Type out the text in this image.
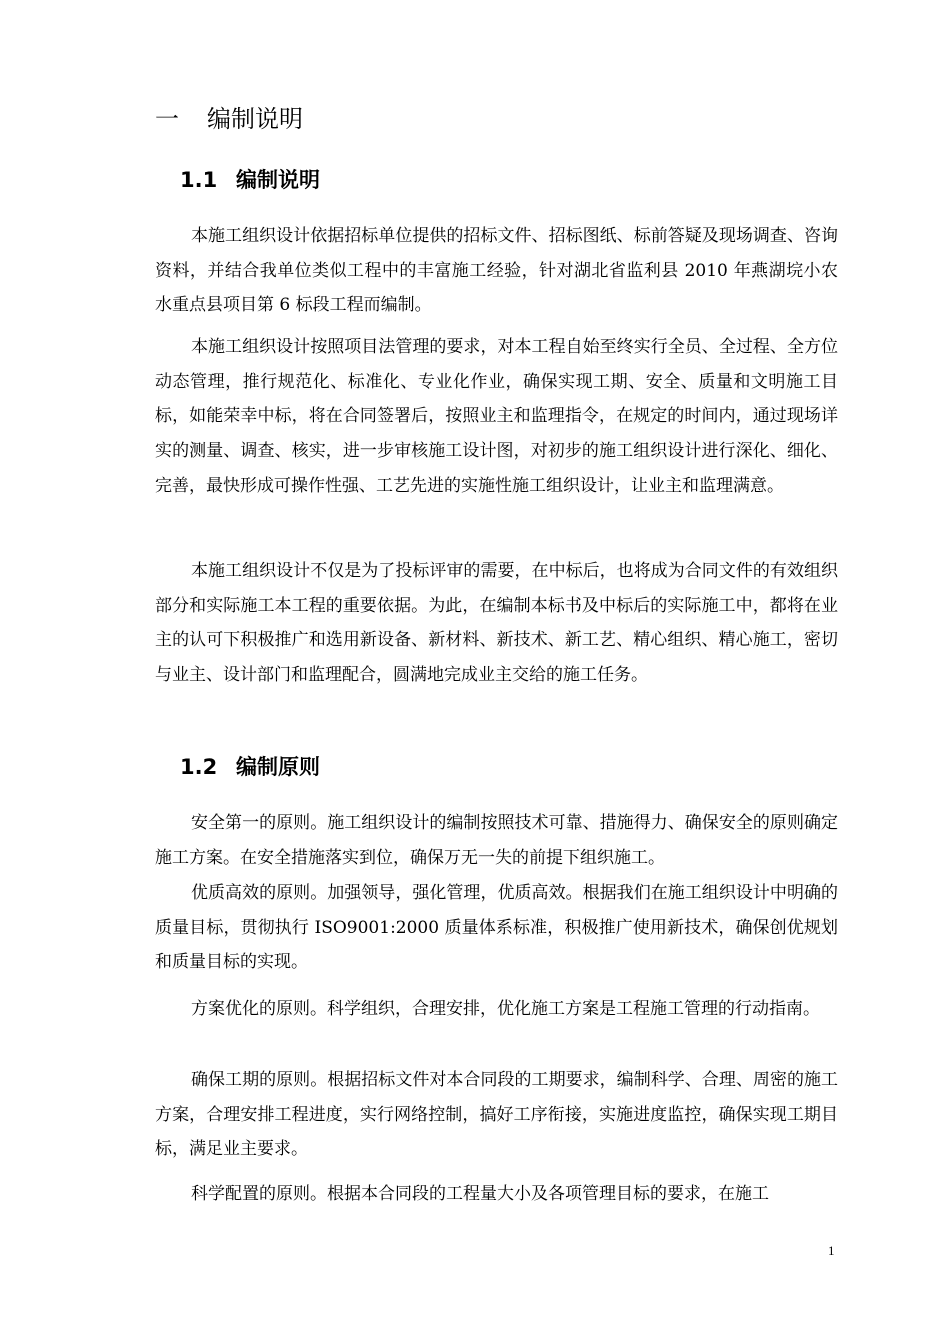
一 编制说明
1.1 编制说明

本施工组织设计依据招标单位提供的招标文件、招标图纸、标前答疑及现场调查、咨询资料，并结合我单位类似工程中的丰富施工经验，针对湖北省监利县 2010 年燕湖垸小农水重点县项目第 6 标段工程而编制。

本施工组织设计按照项目法管理的要求，对本工程自始至终实行全员、全过程、全方位动态管理，推行规范化、标准化、专业化作业，确保实现工期、安全、质量和文明施工目标，如能荣幸中标，将在合同签署后，按照业主和监理指令，在规定的时间内，通过现场详实的测量、调查、核实，进一步审核施工设计图，对初步的施工组织设计进行深化、细化、完善，最快形成可操作性强、工艺先进的实施性施工组织设计，让业主和监理满意。

本施工组织设计不仅是为了投标评审的需要，在中标后，也将成为合同文件的有效组织部分和实际施工本工程的重要依据。为此，在编制本标书及中标后的实际施工中，都将在业主的认可下积极推广和选用新设备、新材料、新技术、新工艺、精心组织、精心施工，密切与业主、设计部门和监理配合，圆满地完成业主交给的施工任务。

1.2 编制原则

安全第一的原则。施工组织设计的编制按照技术可靠、措施得力、确保安全的原则确定施工方案。在安全措施落实到位，确保万无一失的前提下组织施工。

优质高效的原则。加强领导，强化管理，优质高效。根据我们在施工组织设计中明确的质量目标，贯彻执行 ISO9001:2000 质量体系标准，积极推广使用新技术，确保创优规划和质量目标的实现。

方案优化的原则。科学组织，合理安排，优化施工方案是工程施工管理的行动指南。

确保工期的原则。根据招标文件对本合同段的工期要求，编制科学、合理、周密的施工方案，合理安排工程进度，实行网络控制，搞好工序衔接，实施进度监控，确保实现工期目标，满足业主要求。

科学配置的原则。根据本合同段的工程量大小及各项管理目标的要求，在施工

1
